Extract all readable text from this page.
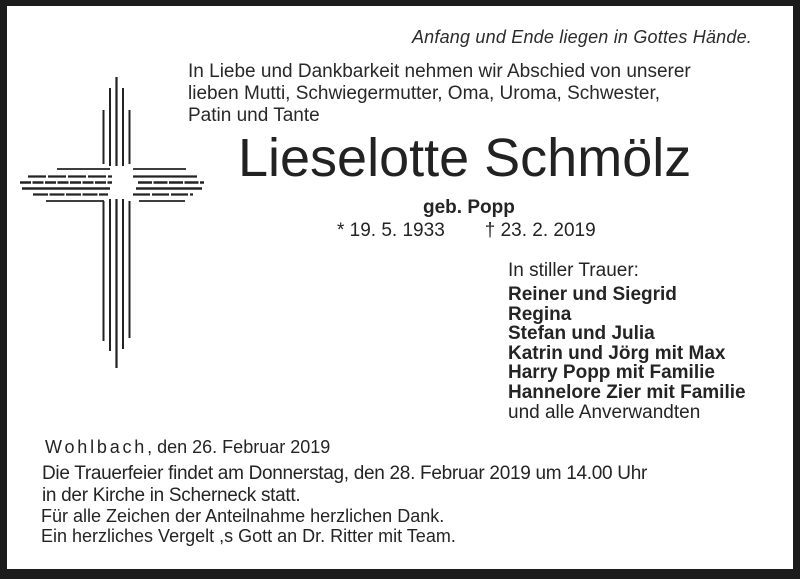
Anfang und Ende liegen in Gottes Hände.
In Liebe und Dankbarkeit nehmen wir Abschied von unserer
lieben Mutti, Schwiegermutter, Oma, Uroma, Schwester,
Patin und Tante
Lieselotte Schmölz
geb. Popp
* 19. 5. 1933 † 23. 2. 2019
In stiller Trauer:
Reiner und Siegrid
Regina
Stefan und Julia
Katrin und Jörg mit Max
Harry Popp mit Familie
Hannelore Zier mit Familie
und alle Anverwandten
Wohlbach, den 26. Februar 2019
Die Trauerfeier findet am Donnerstag, den 28. Februar 2019 um 14.00 Uhr
in der Kirche in Scherneck statt.
Für alle Zeichen der Anteilnahme herzlichen Dank.
Ein herzliches Vergelt ,s Gott an Dr. Ritter mit Team.
